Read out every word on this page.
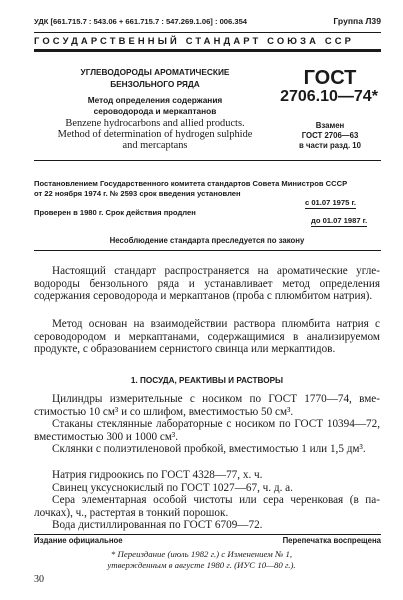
УДК [661.715.7 : 543.06 + 661.715.7 : 547.269.1.06] : 006.354	Группа Л39
ГОСУДАРСТВЕННЫЙ СТАНДАРТ СОЮЗА ССР
УГЛЕВОДОРОДЫ АРОМАТИЧЕСКИЕ
БЕНЗОЛЬНОГО РЯДА
Метод определения содержания
сероводорода и меркаптанов
Benzene hydrocarbons and allied products.
Method of determination of hydrogen sulphide
and mercaptans
ГОСТ
2706.10—74*
Взамен
ГОСТ 2706—63
в части разд. 10
Постановлением Государственного комитета стандартов Совета Министров СССР
от 22 ноября 1974 г. № 2593 срок введения установлен
с 01.07 1975 г.
Проверен в 1980 г. Срок действия продлен
до 01.07 1987 г.
Несоблюдение стандарта преследуется по закону
Настоящий стандарт распространяется на ароматические углеводороды бензольного ряда и устанавливает метод определения содержания сероводорода и меркаптанов (проба с плюмбитом натрия).
Метод основан на взаимодействии раствора плюмбита натрия с сероводородом и меркаптанами, содержащимися в анализируемом продукте, с образованием сернистого свинца или меркаптидов.
1. ПОСУДА, РЕАКТИВЫ И РАСТВОРЫ
Цилиндры измерительные с носиком по ГОСТ 1770—74, вместимостью 10 см³ и со шлифом, вместимостью 50 см³.
Стаканы стеклянные лабораторные с носиком по ГОСТ 10394—72, вместимостью 300 и 1000 см³.
Склянки с полиэтиленовой пробкой, вместимостью 1 или 1,5 дм³.
Натрия гидроокись по ГОСТ 4328—77, х. ч.
Свинец уксуснокислый по ГОСТ 1027—67, ч. д. а.
Сера элементарная особой чистоты или сера черенковая (в палочках), ч., растертая в тонкий порошок.
Вода дистиллированная по ГОСТ 6709—72.
Издание официальное	Перепечатка воспрещена
* Переиздание (июль 1982 г.) с Изменением № 1,
утвержденным в августе 1980 г. (ИУС 10—80 г.).
30
